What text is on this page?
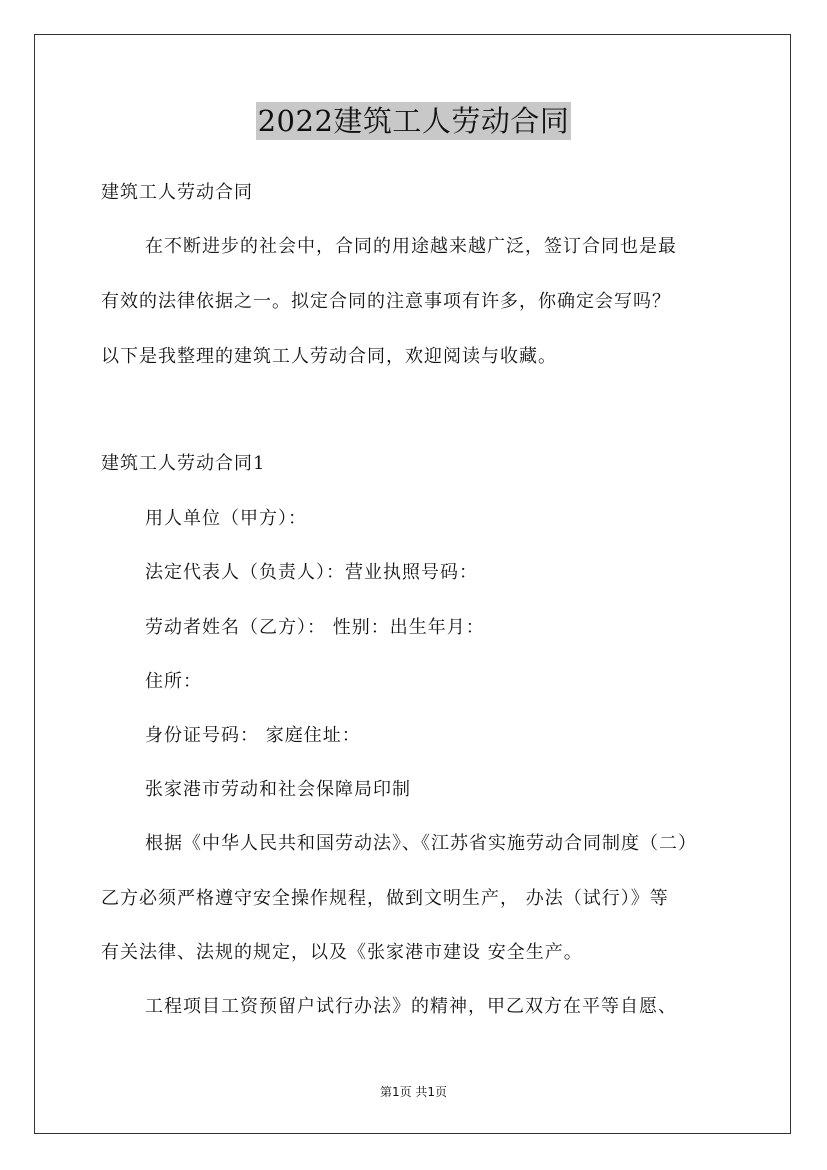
2022建筑工人劳动合同
建筑工人劳动合同
在不断进步的社会中，合同的用途越来越广泛，签订合同也是最
有效的法律依据之一。拟定合同的注意事项有许多，你确定会写吗？
以下是我整理的建筑工人劳动合同，欢迎阅读与收藏。
建筑工人劳动合同1
用人单位（甲方）：
法定代表人（负责人）：营业执照号码：
劳动者姓名（乙方）： 性别：出生年月：
住所：
身份证号码： 家庭住址：
张家港市劳动和社会保障局印制
根据《中华人民共和国劳动法》、《江苏省实施劳动合同制度（二）
乙方必须严格遵守安全操作规程，做到文明生产， 办法（试行）》等
有关法律、法规的规定，以及《张家港市建设 安全生产。
工程项目工资预留户试行办法》的精神，甲乙双方在平等自愿、
第1页 共1页
